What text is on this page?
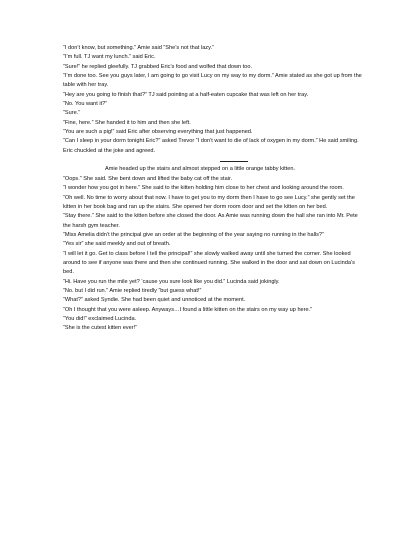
“I don’t know, but something.” Amie said “She’s not that lazy.”

“I’m full. TJ want my lunch.” said Eric.

“Sure!” he replied gleefully. TJ grabbed Eric’s food and wolfed that down too.

“I’m done too. See you guys later, I am going to go visit Lucy on my way to my dorm.” Amie stated as she got up from the table with her tray.

“Hey are you going to finish that?” TJ said pointing at a half-eaten cupcake that was left on her tray.

“No. You want it?”

“Sure.”

“Fine, here.” She handed it to him and then she left.

“You are such a pig!” said Eric after observing everything that just happened.

“Can I sleep in your dorm tonight Eric?” asked Trevor “I don’t want to die of lack of oxygen in my dorm.” He said smiling.

Eric chuckled at the joke and agreed.

Amie headed up the stairs and almost stepped on a little orange tabby kitten.

“Oops.” She said. She bent down and lifted the baby cat off the stair.

“I wonder how you got in here.” She said to the kitten holding him close to her chest and looking around the room.

“Oh well. No time to worry about that now. I have to get you to my dorm then I have to go see Lucy.” she gently set the kitten in her book bag and ran up the stairs. She opened her dorm room door and set the kitten on her bed.

“Stay there.” She said to the kitten before she closed the door. As Amie was running down the hall she ran into Mr. Pete the harsh gym teacher.

“Miss Amelia didn’t the principal give an order at the beginning of the year saying no running in the halls?”

“Yes sir” she said meekly and out of breath.

“I will let it go. Get to class before I tell the principal!” she slowly walked away until she turned the corner. She looked around to see if anyone was there and then she continued running. She walked in the door and sat down on Lucinda’s bed.

“Hi. Have you run the mile yet? ‘cause you sure look like you did.” Lucinda said jokingly.

“No. but I did run.” Amie replied tiredly “but guess what!”

“What?” asked Syndie. She had been quiet and unnoticed at the moment.

“Oh I thought that you were asleep. Anyways…I found a little kitten on the stairs on my way up here.”

“You did!” exclaimed Lucinda.

“She is the cutest kitten ever!”
